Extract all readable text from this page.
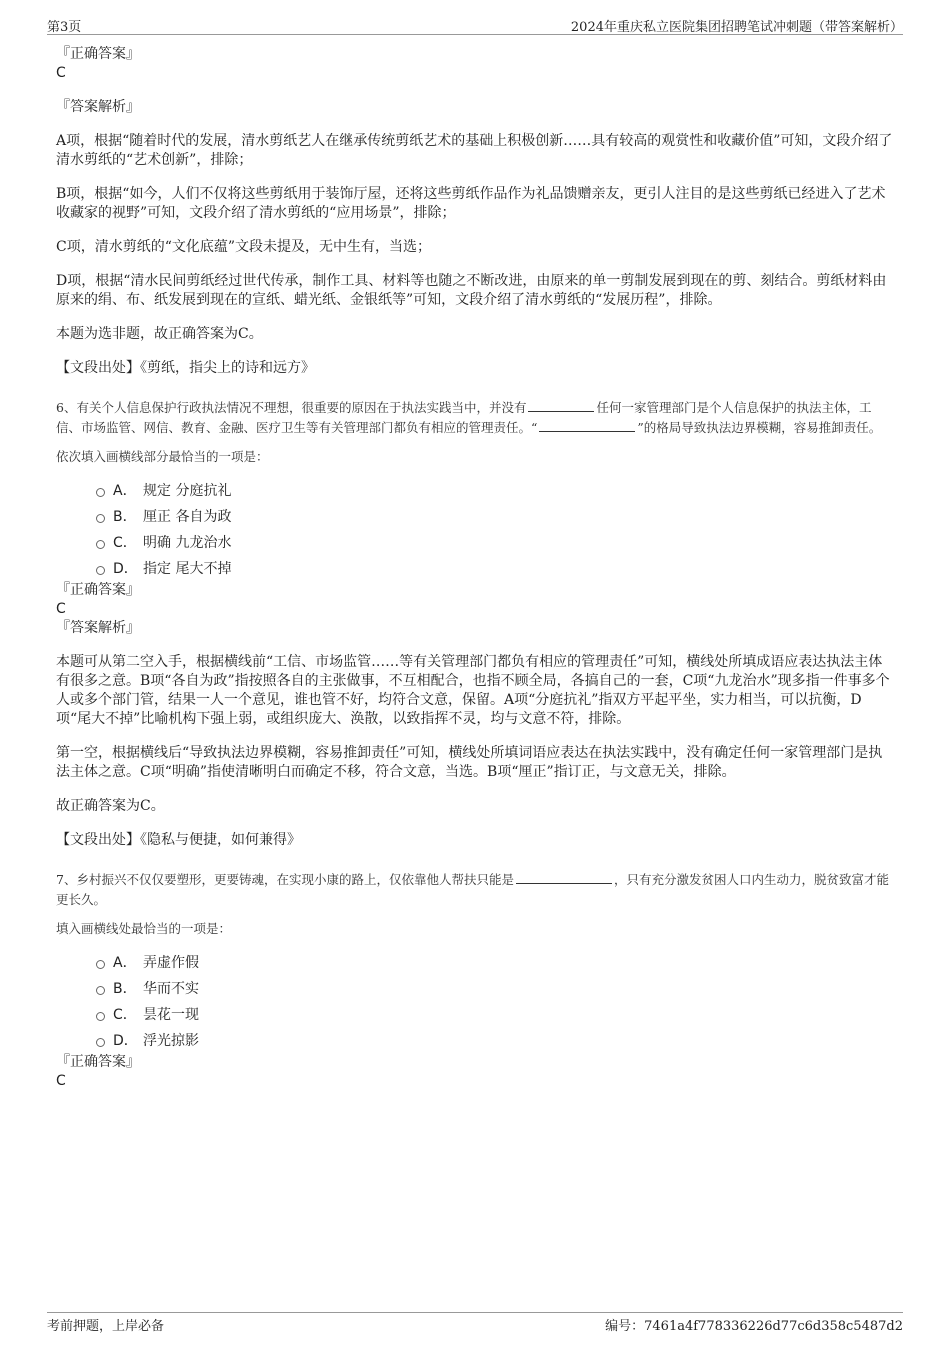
第3页	2024年重庆私立医院集团招聘笔试冲刺题（带答案解析）

『正确答案』

C

『答案解析』

A项，根据“随着时代的发展，清水剪纸艺人在继承传统剪纸艺术的基础上积极创新……具有较高的观赏性和收藏价值”可知，文段介绍了清水剪纸的“艺术创新”，排除；

B项，根据“如今，人们不仅将这些剪纸用于装饰厅屋，还将这些剪纸作品作为礼品馈赠亲友，更引人注目的是这些剪纸已经进入了艺术收藏家的视野”可知，文段介绍了清水剪纸的“应用场景”，排除；

C项，清水剪纸的“文化底蕴”文段未提及，无中生有，当选；

D项，根据“清水民间剪纸经过世代传承，制作工具、材料等也随之不断改进，由原来的单一剪制发展到现在的剪、刻结合。剪纸材料由原来的绢、布、纸发展到现在的宣纸、蜡光纸、金银纸等”可知，文段介绍了清水剪纸的“发展历程”，排除。

本题为选非题，故正确答案为C。

【文段出处】《剪纸，指尖上的诗和远方》

6、有关个人信息保护行政执法情况不理想，很重要的原因在于执法实践当中，并没有	任何一家管理部门是个人信息保护的执法主体，工信、市场监管、网信、教育、金融、医疗卫生等有关管理部门都负有相应的管理责任。“	”的格局导致执法边界模糊，容易推卸责任。

依次填入画横线部分最恰当的一项是：

A． 规定 分庭抗礼
B． 厘正 各自为政
C． 明确 九龙治水
D． 指定 尾大不掉

『正确答案』

C

『答案解析』

本题可从第二空入手，根据横线前“工信、市场监管……等有关管理部门都负有相应的管理责任”可知，横线处所填成语应表达执法主体有很多之意。B项“各自为政”指按照各自的主张做事，不互相配合，也指不顾全局，各搞自己的一套，C项“九龙治水”现多指一件事多个人或多个部门管，结果一人一个意见，谁也管不好，均符合文意，保留。A项“分庭抗礼”指双方平起平坐，实力相当，可以抗衡，D项“尾大不掉”比喻机构下强上弱，或组织庞大、涣散，以致指挥不灵，均与文意不符，排除。

第一空，根据横线后“导致执法边界模糊，容易推卸责任”可知，横线处所填词语应表达在执法实践中，没有确定任何一家管理部门是执法主体之意。C项“明确”指使清晰明白而确定不移，符合文意，当选。B项“厘正”指订正，与文意无关，排除。

故正确答案为C。

【文段出处】《隐私与便捷，如何兼得》

7、乡村振兴不仅仅要塑形，更要铸魂，在实现小康的路上，仅依靠他人帮扶只能是	，只有充分激发贫困人口内生动力，脱贫致富才能更长久。

填入画横线处最恰当的一项是：

A． 弄虚作假
B． 华而不实
C． 昙花一现
D． 浮光掠影

『正确答案』

C

考前押题，上岸必备	编号：7461a4f778336226d77c6d358c5487d2
